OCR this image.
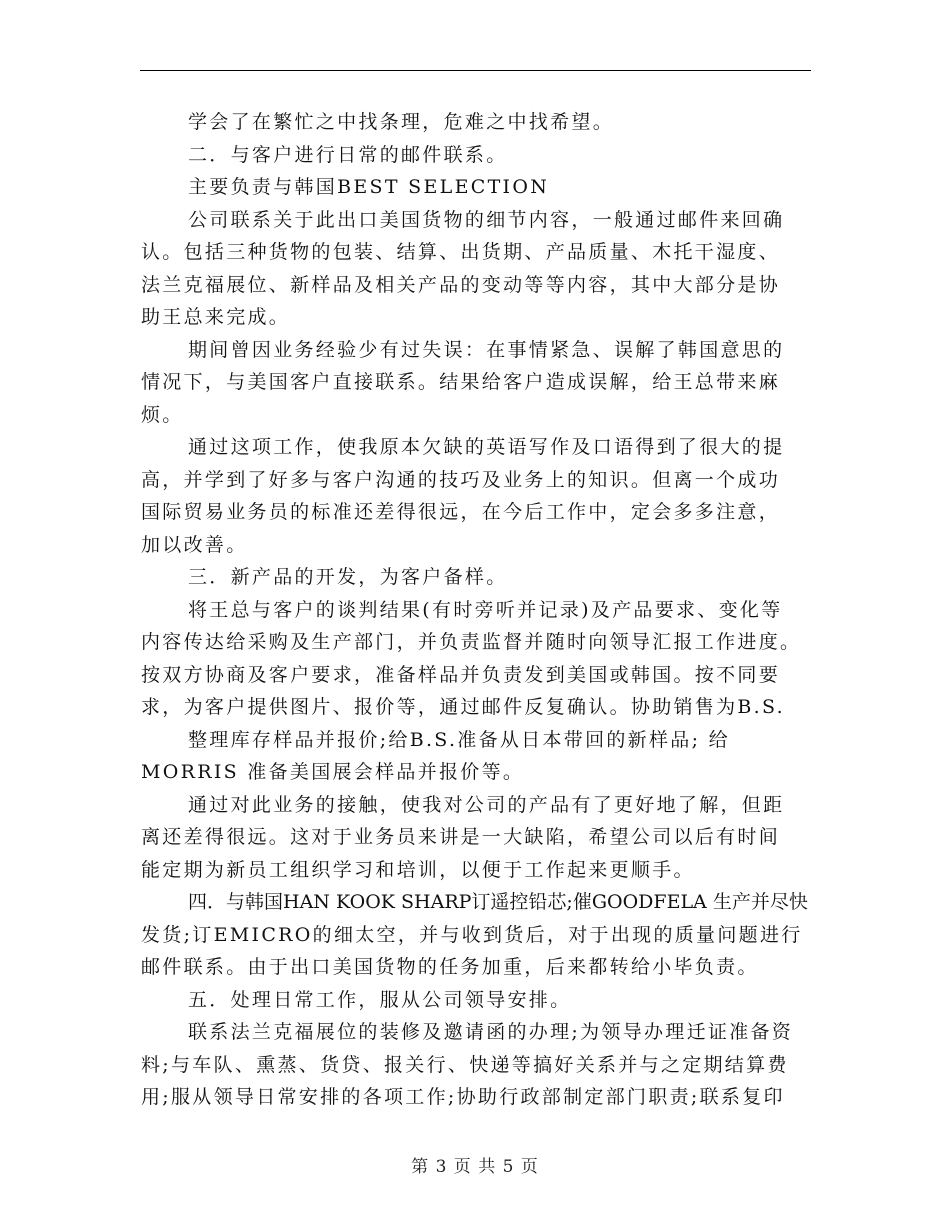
学会了在繁忙之中找条理，危难之中找希望。
二．与客户进行日常的邮件联系。
主要负责与韩国BEST SELECTION
公司联系关于此出口美国货物的细节内容，一般通过邮件来回确
认。包括三种货物的包装、结算、出货期、产品质量、木托干湿度、
法兰克福展位、新样品及相关产品的变动等等内容，其中大部分是协
助王总来完成。
期间曾因业务经验少有过失误：在事情紧急、误解了韩国意思的
情况下，与美国客户直接联系。结果给客户造成误解，给王总带来麻
烦。
通过这项工作，使我原本欠缺的英语写作及口语得到了很大的提
高，并学到了好多与客户沟通的技巧及业务上的知识。但离一个成功
国际贸易业务员的标准还差得很远，在今后工作中，定会多多注意，
加以改善。
三．新产品的开发，为客户备样。
将王总与客户的谈判结果(有时旁听并记录)及产品要求、变化等
内容传达给采购及生产部门，并负责监督并随时向领导汇报工作进度。
按双方协商及客户要求，准备样品并负责发到美国或韩国。按不同要
求，为客户提供图片、报价等，通过邮件反复确认。协助销售为B.S.
整理库存样品并报价;给B.S.准备从日本带回的新样品; 给
MORRIS 准备美国展会样品并报价等。
通过对此业务的接触，使我对公司的产品有了更好地了解，但距
离还差得很远。这对于业务员来讲是一大缺陷，希望公司以后有时间
能定期为新员工组织学习和培训，以便于工作起来更顺手。
四．与韩国HAN KOOK SHARP订遥控铅芯;催GOODFELA 生产并尽快
发货;订EMICRO的细太空，并与收到货后，对于出现的质量问题进行
邮件联系。由于出口美国货物的任务加重，后来都转给小毕负责。
五．处理日常工作，服从公司领导安排。
联系法兰克福展位的装修及邀请函的办理;为领导办理迁证准备资
料;与车队、熏蒸、货贷、报关行、快递等搞好关系并与之定期结算费
用;服从领导日常安排的各项工作;协助行政部制定部门职责;联系复印
第 3 页 共 5 页
